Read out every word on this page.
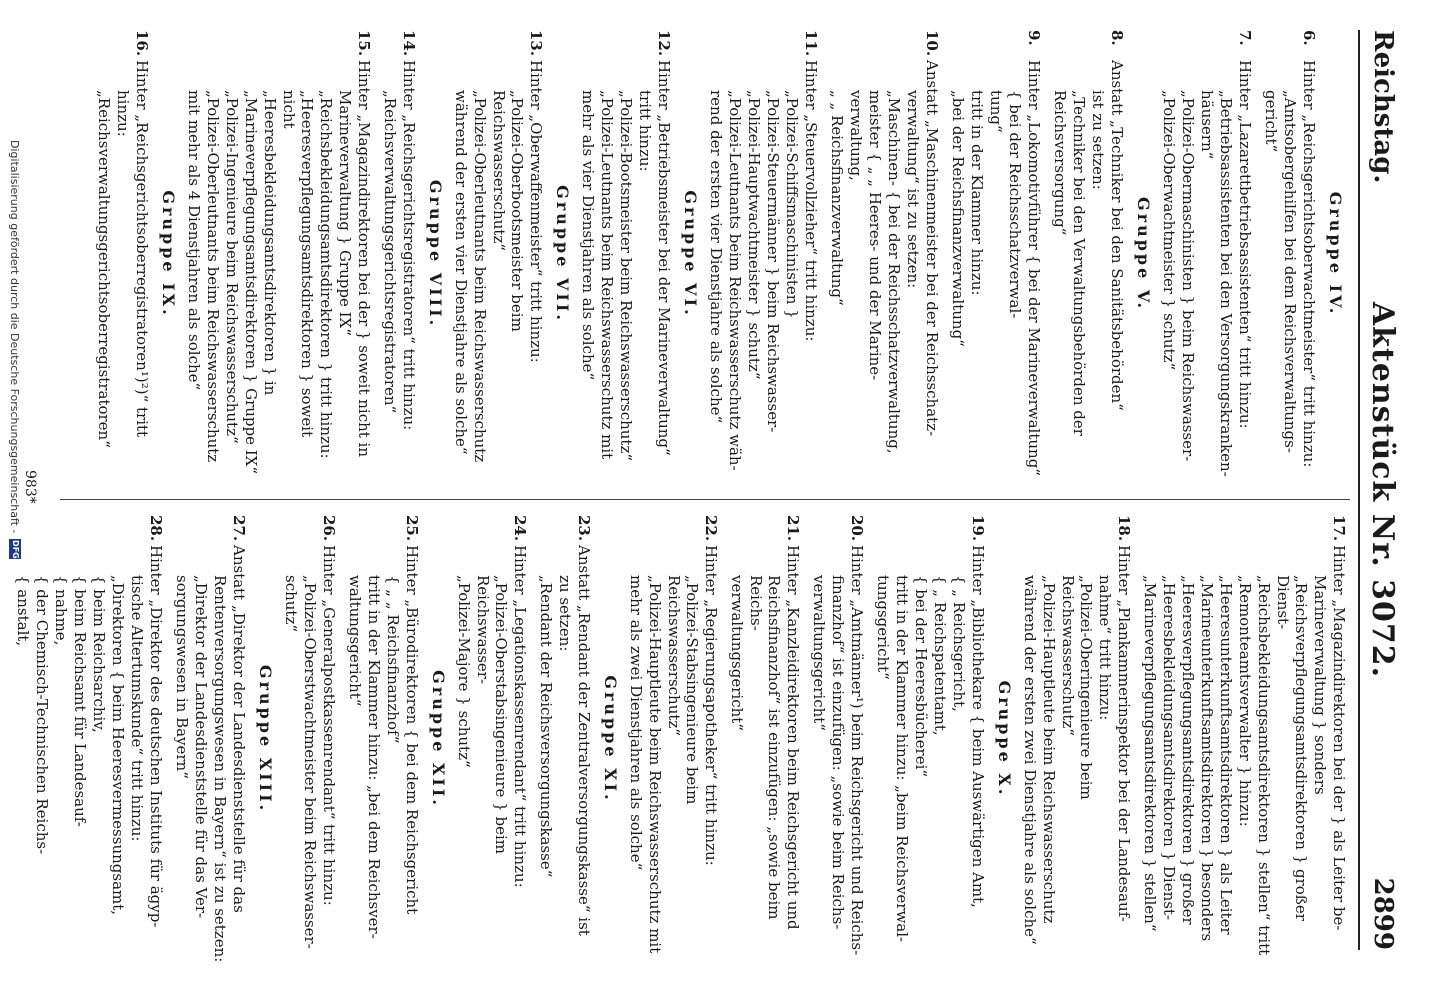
Reichstag.
Aktenstück Nr. 3072.
2899
Gruppe IV.
6.
Hinter „Reichsgerichtsoberwachtmeister“ tritt hinzu:
„Amtsobergehilfen bei dem Reichsverwaltungs-
gericht“
7.
Hinter „Lazarettbetriebsassistenten“ tritt hinzu:
„Betriebsassistenten bei den Versorgungskranken-
häusern“
„Polizei-Obermaschinisten } beim Reichswasser-
„Polizei-Oberwachtmeister } schutz“
Gruppe V.
8.
Anstatt „Techniker bei den Sanitätsbehörden“
ist zu setzen:
„Techniker bei den Verwaltungsbehörden der
Reichsversorgung“
9.
Hinter „Lokomotivführer { bei der Marineverwaltung“
{ bei der Reichsschatzverwal-
tung“
tritt in der Klammer hinzu:
„bei der Reichsfinanzverwaltung“
10.
Anstatt „Maschinenmeister bei der Reichsschatz-
verwaltung“ ist zu setzen:
„Maschinen- { bei der Reichsschatzverwaltung,
meister { „ „ Heeres- und der Marine-
verwaltung,
„ „ Reichsfinanzverwaltung“
11.
Hinter „Steuervollzieher“ tritt hinzu:
„Polizei-Schiffsmaschinisten }
„Polizei-Steuermänner } beim Reichswasser-
„Polizei-Hauptwachtmeister } schutz“
„Polizei-Leutnants beim Reichswasserschutz wäh-
rend der ersten vier Dienstjahre als solche“
Gruppe VI.
12.
Hinter „Betriebsmeister bei der Marineverwaltung“
tritt hinzu:
„Polizei-Bootsmeister beim Reichswasserschutz“
„Polizei-Leutnants beim Reichswasserschutz mit
mehr als vier Dienstjahren als solche“
Gruppe VII.
13.
Hinter „Oberwaffenmeister“ tritt hinzu:
„Polizei-Oberbootsmeister beim Reichswasserschutz“
„Polizei-Oberleutnants beim Reichswasserschutz
während der ersten vier Dienstjahre als solche“
Gruppe VIII.
14.
Hinter „Reichsgerichtsregistratoren“ tritt hinzu:
„Reichsverwaltungsgerichtsregistratoren“
15.
Hinter „Magazindirektoren bei der } soweit nicht in
Marineverwaltung } Gruppe IX“
„Reichsbekleidungsamtsdirektoren } tritt hinzu:
„Heeresverpflegungsamtsdirektoren } soweit nicht
„Heeresbekleidungsamtsdirektoren } in
„Marineverpflegungsamtsdirektoren } Gruppe IX“
„Polizei-Ingenieure beim Reichswasserschutz“
„Polizei-Oberleutnants beim Reichswasserschutz
mit mehr als 4 Dienstjahren als solche“
Gruppe IX.
16.
Hinter „Reichsgerichtsoberregistratoren¹)²)“ tritt
hinzu:
„Reichsverwaltungsgerichtsoberregistratoren“
17.
Hinter „Magazindirektoren bei der } als Leiter be-
Marineverwaltung } sonders
„Reichsverpflegungsamtsdirektoren } großer Dienst-
„Reichsbekleidungsamtsdirektoren } stellen“ tritt
„Remonteamtsverwalter } hinzu:
„Heeresunterkunftsamtsdirektoren } als Leiter
„Marineunterkunftsamtsdirektoren } besonders
„Heeresverpflegungsamtsdirektoren } großer
„Heeresbekleidungsamtsdirektoren } Dienst-
„Marineverpflegungsamtsdirektoren } stellen“
18.
Hinter „Plankammerinspektor bei der Landesauf-
nahme“ tritt hinzu:
„Polizei-Oberingenieure beim Reichswasserschutz“
„Polizei-Hauptleute beim Reichswasserschutz
während der ersten zwei Dienstjahre als solche“
Gruppe X.
19.
Hinter „Bibliothekare { beim Auswärtigen Amt,
{ „ Reichsgericht,
{ „ Reichspatentamt,
{ bei der Heeresbücherei“
tritt in der Klammer hinzu: „beim Reichsverwal-
tungsgericht“
20.
Hinter „Amtmänner¹) beim Reichsgericht und Reichs-
finanzhof“ ist einzufügen: „sowie beim Reichs-
verwaltungsgericht“
21.
Hinter „Kanzleidirektoren beim Reichsgericht und
Reichsfinanzhof“ ist einzufügen: „sowie beim Reichs-
verwaltungsgericht“
22.
Hinter „Regierungsapotheker“ tritt hinzu:
„Polizei-Stabsingenieure beim Reichswasserschutz“
„Polizei-Hauptleute beim Reichswasserschutz mit
mehr als zwei Dienstjahren als solche“
Gruppe XI.
23.
Anstatt „Rendant der Zentralversorgungskasse“ ist
zu setzen:
„Rendant der Reichsversorgungskasse“
24.
Hinter „Legationskassenrendant“ tritt hinzu:
„Polizei-Oberstabsingenieure } beim Reichswasser-
„Polizei-Majore } schutz“
Gruppe XII.
25.
Hinter „Bürodirektoren { bei dem Reichsgericht
{ „ „ Reichsfinanzhof“
tritt in der Klammer hinzu: „bei dem Reichsver-
waltungsgericht“
26.
Hinter „Generalpostkassenrendant“ tritt hinzu:
„Polizei-Oberstwachtmeister beim Reichswasser-
schutz“
Gruppe XIII.
27.
Anstatt „Direktor der Landesdienststelle für das
Rentenversorgungswesen in Bayern“ ist zu setzen:
„Direktor der Landesdienststelle für das Ver-
sorgungswesen in Bayern“
28.
Hinter „Direktor des deutschen Instituts für ägyp-
tische Altertumskunde“ tritt hinzu:
„Direktoren { beim Heeresvermessungsamt,
{ beim Reichsarchiv,
{ beim Reichsamt für Landesauf-
{ nahme,
{ der Chemisch-Technischen Reichs-
{ anstalt,
983*
Digitalisierung gefördert durch die Deutsche Forschungsgemeinschaft -
DFG
